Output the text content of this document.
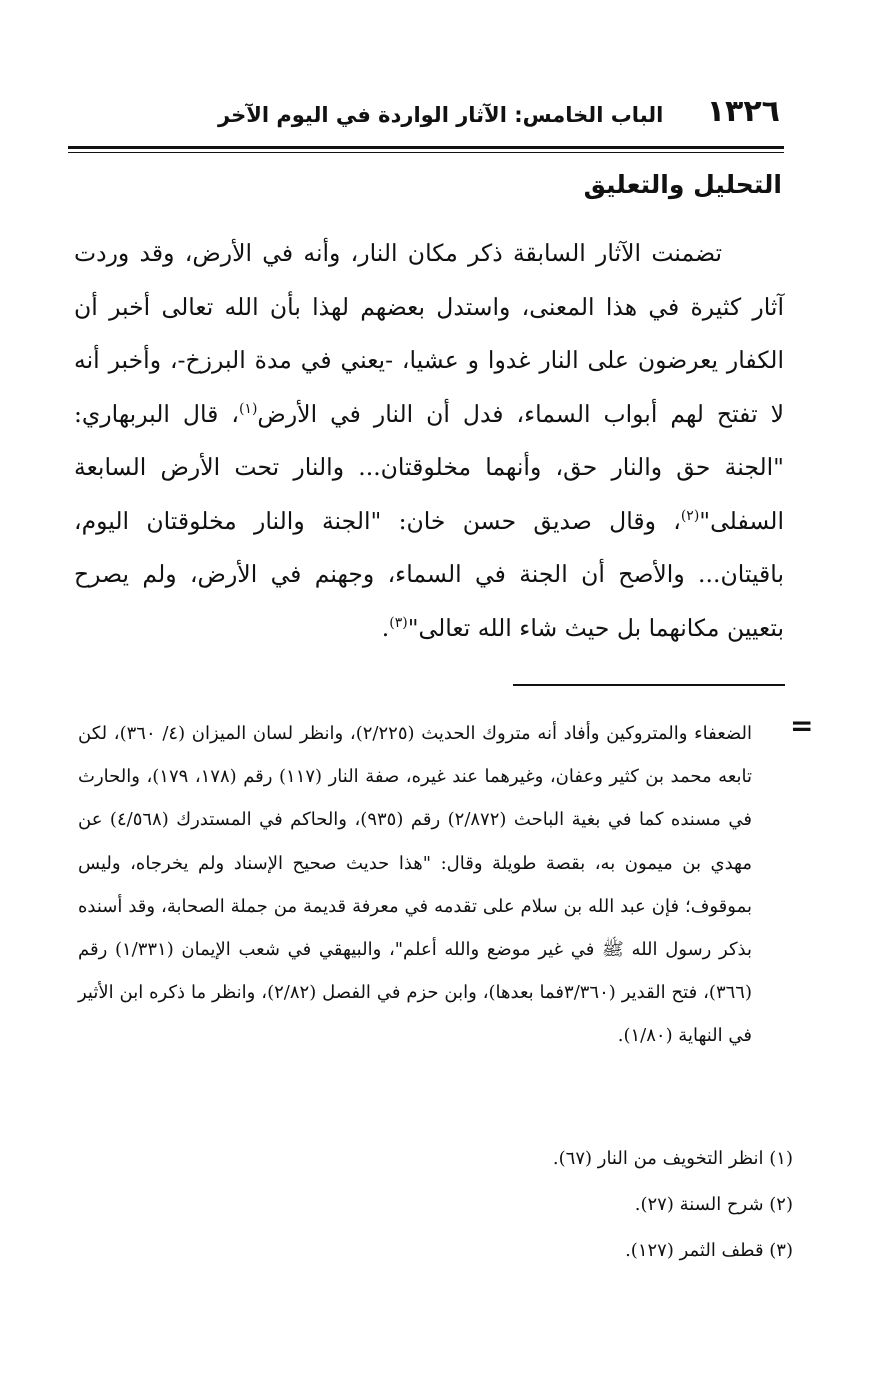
١٣٢٦
الباب الخامس: الآثار الواردة في اليوم الآخر
التحليل والتعليق

تضمنت الآثار السابقة ذكر مكان النار، وأنه في الأرض، وقد وردت آثار كثيرة في هذا المعنى، واستدل بعضهم لهذا بأن الله تعالى أخبر أن الكفار يعرضون على النار غدوا و عشيا، -يعني في مدة البرزخ-، وأخبر أنه لا تفتح لهم أبواب السماء، فدل أن النار في الأرض$^{(١)}$، قال البربهاري: "الجنة حق والنار حق، وأنهما مخلوقتان... والنار تحت الأرض السابعة السفلى"$^{(٢)}$، وقال صديق حسن خان: "الجنة والنار مخلوقتان اليوم، باقيتان... والأصح أن الجنة في السماء، وجهنم في الأرض، ولم يصرح بتعيين مكانهما بل حيث شاء الله تعالى"$^{(٣)}$.

=

الضعفاء والمتروكين وأفاد أنه متروك الحديث (٢/٢٢٥)، وانظر لسان الميزان (٤/ ٣٦٠)، لكن تابعه محمد بن كثير وعفان، وغيرهما عند غيره، صفة النار (١١٧) رقم (١٧٨، ١٧٩)، والحارث في مسنده كما في بغية الباحث (٢/٨٧٢) رقم (٩٣٥)، والحاكم في المستدرك (٤/٥٦٨) عن مهدي بن ميمون به، بقصة طويلة وقال: "هذا حديث صحيح الإسناد ولم يخرجاه، وليس بموقوف؛ فإن عبد الله بن سلام على تقدمه في معرفة قديمة من جملة الصحابة، وقد أسنده بذكر رسول الله ﷺ في غير موضع والله أعلم"، والبيهقي في شعب الإيمان (١/٣٣١) رقم (٣٦٦)، فتح القدير (٣/٣٦٠فما بعدها)، وابن حزم في الفصل (٢/٨٢)، وانظر ما ذكره ابن الأثير في النهاية (١/٨٠).

(١) انظر التخويف من النار (٦٧).
(٢) شرح السنة (٢٧).
(٣) قطف الثمر (١٢٧).
